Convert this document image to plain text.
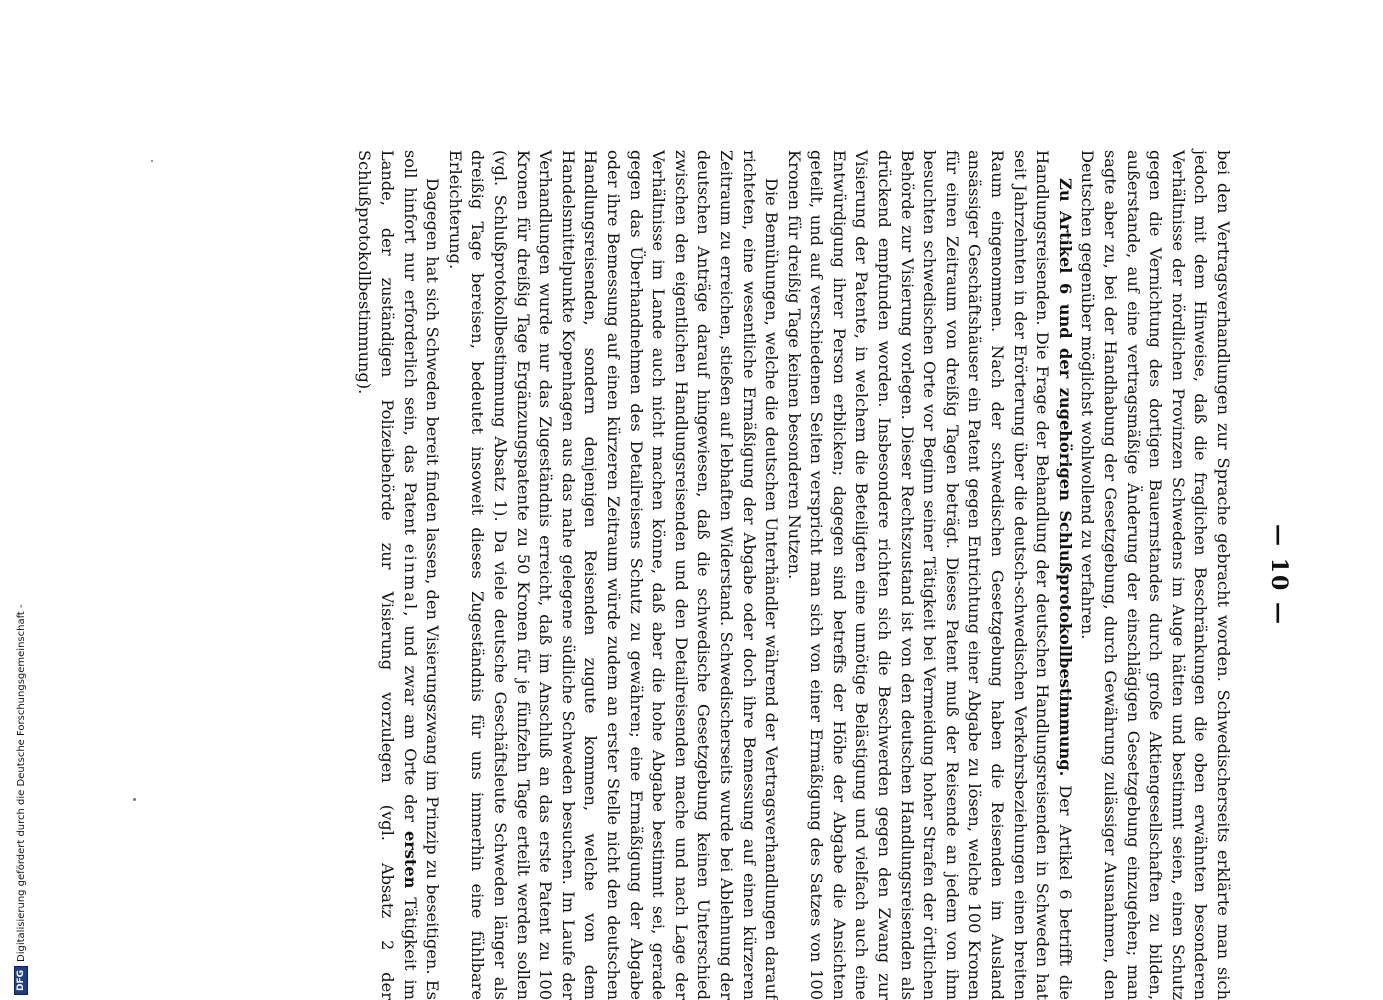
DFG
Digitalisierung gefördert durch die Deutsche Forschungsgemeinschaft -
— 10 —

bei den Vertragsverhandlungen zur Sprache gebracht worden. Schwedischerseits erklärte man sich jedoch mit dem Hinweise, daß die fraglichen Beschränkungen die oben erwähnten besonderen Verhältnisse der nördlichen Provinzen Schwedens im Auge hätten und bestimmt seien, einen Schutz gegen die Vernichtung des dortigen Bauernstandes durch große Aktiengesellschaften zu bilden, außerstande, auf eine vertragsmäßige Änderung der einschlägigen Gesetzgebung einzugehen; man sagte aber zu, bei der Handhabung der Gesetzgebung, durch Gewährung zulässiger Ausnahmen, den Deutschen gegenüber möglichst wohlwollend zu verfahren.

Zu Artikel 6 und der zugehörigen Schlußprotokollbestimmung. Der Artikel 6 betrifft die Handlungsreisenden. Die Frage der Behandlung der deutschen Handlungsreisenden in Schweden hat seit Jahrzehnten in der Erörterung über die deutsch-schwedischen Verkehrsbeziehungen einen breiten Raum eingenommen. Nach der schwedischen Gesetzgebung haben die Reisenden im Ausland ansässiger Geschäftshäuser ein Patent gegen Entrichtung einer Abgabe zu lösen, welche 100 Kronen für einen Zeitraum von dreißig Tagen beträgt. Dieses Patent muß der Reisende an jedem von ihm besuchten schwedischen Orte vor Beginn seiner Tätigkeit bei Vermeidung hoher Strafen der örtlichen Behörde zur Visierung vorlegen. Dieser Rechtszustand ist von den deutschen Handlungsreisenden als drückend empfunden worden. Insbesondere richten sich die Beschwerden gegen den Zwang zur Visierung der Patente, in welchem die Beteiligten eine unnötige Belästigung und vielfach auch eine Entwürdigung ihrer Person erblicken; dagegen sind betreffs der Höhe der Abgabe die Ansichten geteilt, und auf verschiedenen Seiten verspricht man sich von einer Ermäßigung des Satzes von 100 Kronen für dreißig Tage keinen besonderen Nutzen.

Die Bemühungen, welche die deutschen Unterhändler während der Vertragsverhandlungen darauf richteten, eine wesentliche Ermäßigung der Abgabe oder doch ihre Bemessung auf einen kürzeren Zeitraum zu erreichen, stießen auf lebhaften Widerstand. Schwedischerseits wurde bei Ablehnung der deutschen Anträge darauf hingewiesen, daß die schwedische Gesetzgebung keinen Unterschied zwischen den eigentlichen Handlungsreisenden und den Detailreisenden mache und nach Lage der Verhältnisse im Lande auch nicht machen könne, daß aber die hohe Abgabe bestimmt sei, gerade gegen das Überhandnehmen des Detailreisens Schutz zu gewähren; eine Ermäßigung der Abgabe oder ihre Bemessung auf einen kürzeren Zeitraum würde zudem an erster Stelle nicht den deutschen Handlungsreisenden, sondern denjenigen Reisenden zugute kommen, welche von dem Handelsmittelpunkte Kopenhagen aus das nahe gelegene südliche Schweden besuchen. Im Laufe der Verhandlungen wurde nur das Zugeständnis erreicht, daß im Anschluß an das erste Patent zu 100 Kronen für dreißig Tage Ergänzungspatente zu 50 Kronen für je fünfzehn Tage erteilt werden sollen (vgl. Schlußprotokollbestimmung Absatz 1). Da viele deutsche Geschäftsleute Schweden länger als dreißig Tage bereisen, bedeutet insoweit dieses Zugeständnis für uns immerhin eine fühlbare Erleichterung.

Dagegen hat sich Schweden bereit finden lassen, den Visierungszwang im Prinzip zu beseitigen. Es soll hinfort nur erforderlich sein, das Patent einmal, und zwar am Orte der ersten Tätigkeit im Lande, der zuständigen Polizeibehörde zur Visierung vorzulegen (vgl. Absatz 2 der Schlußprotokollbestimmung).
